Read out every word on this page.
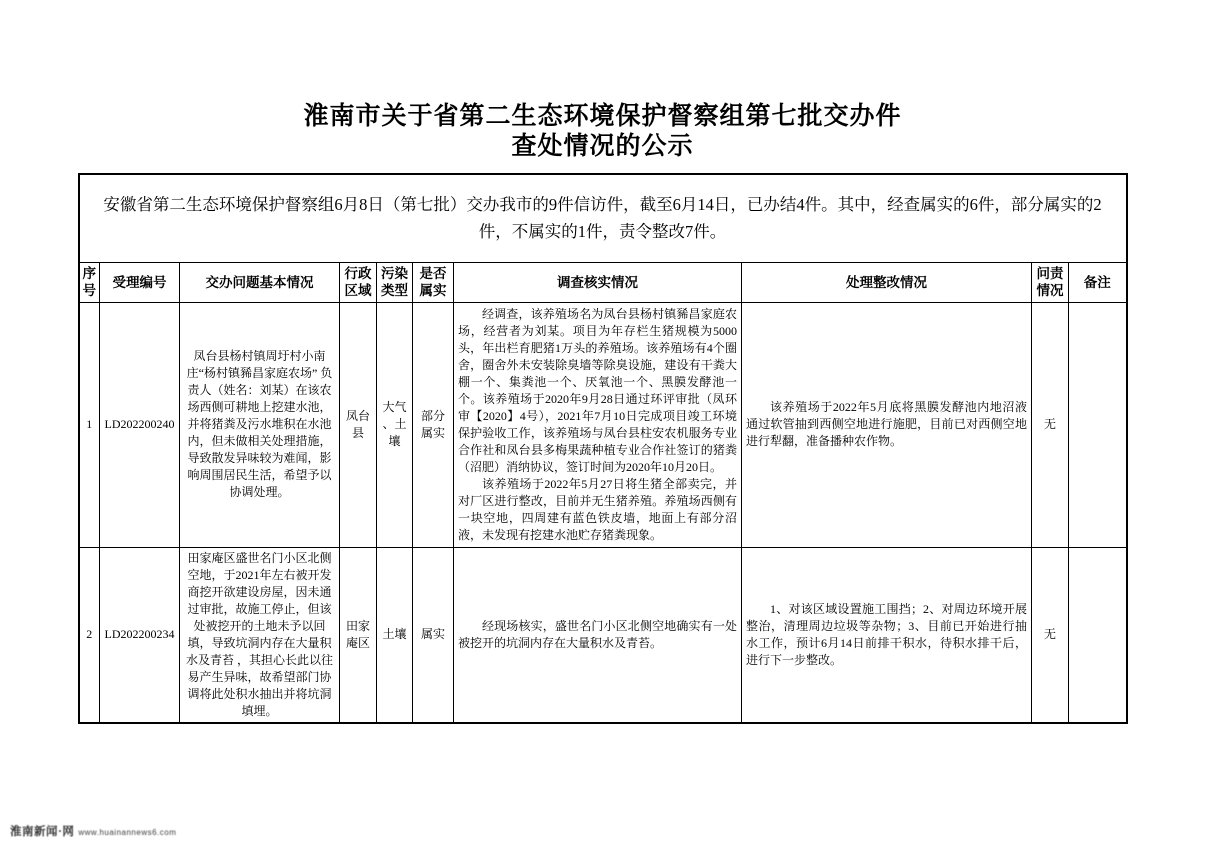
淮南市关于省第二生态环境保护督察组第七批交办件
查处情况的公示
安徽省第二生态环境保护督察组6月8日（第七批）交办我市的9件信访件，截至6月14日，已办结4件。其中，经查属实的6件，部分属实的2件，不属实的1件，责令整改7件。									
序号	受理编号	交办问题基本情况	行政区域	污染类型	是否属实	调查核实情况	处理整改情况	问责情况	备注
1	LD202200240	凤台县杨村镇周圩村小南庄“杨村镇豨昌家庭农场” 负责人（姓名：刘某）在该农场西侧可耕地上挖建水池，并将猪粪及污水堆积在水池内，但未做相关处理措施，导致散发异味较为难闻，影响周围居民生活，希望予以协调处理。	凤台县	大气、土壤	部分属实	经调查，该养殖场名为凤台县杨村镇豨昌家庭农场，经营者为刘某。项目为年存栏生猪规模为5000头，年出栏育肥猪1万头的养殖场。该养殖场有4个圈舍，圈舍外未安装除臭墙等除臭设施，建设有干粪大棚一个、集粪池一个、厌氧池一个、黑膜发酵池一个。该养殖场于2020年9月28日通过环评审批（凤环审【2020】4号），2021年7月10日完成项目竣工环境保护验收工作，该养殖场与凤台县柱安农机服务专业合作社和凤台县多梅果蔬种植专业合作社签订的猪粪（沼肥）消纳协议，签订时间为2020年10月20日。

该养殖场于2022年5月27日将生猪全部卖完，并对厂区进行整改，目前并无生猪养殖。养殖场西侧有一块空地，四周建有蓝色铁皮墙，地面上有部分沼液，未发现有挖建水池贮存猪粪现象。	该养殖场于2022年5月底将黑膜发酵池内地沼液通过软管抽到西侧空地进行施肥，目前已对西侧空地进行犁翻，准备播种农作物。	无	
2	LD202200234	田家庵区盛世名门小区北侧空地，于2021年左右被开发商挖开欲建设房屋，因未通过审批，故施工停止，但该处被挖开的土地未予以回填，导致坑洞内存在大量积水及青苔 ，其担心长此以往易产生异味，故希望部门协调将此处积水抽出并将坑洞填埋。	田家庵区	土壤	属实	经现场核实，盛世名门小区北侧空地确实有一处被挖开的坑洞内存在大量积水及青苔。	1、对该区域设置施工围挡；2、对周边环境开展整治，清理周边垃圾等杂物；3、目前已开始进行抽水工作，预计6月14日前排干积水，待积水排干后，进行下一步整改。	无	
淮南新闻·网 www.huainannews6.com
